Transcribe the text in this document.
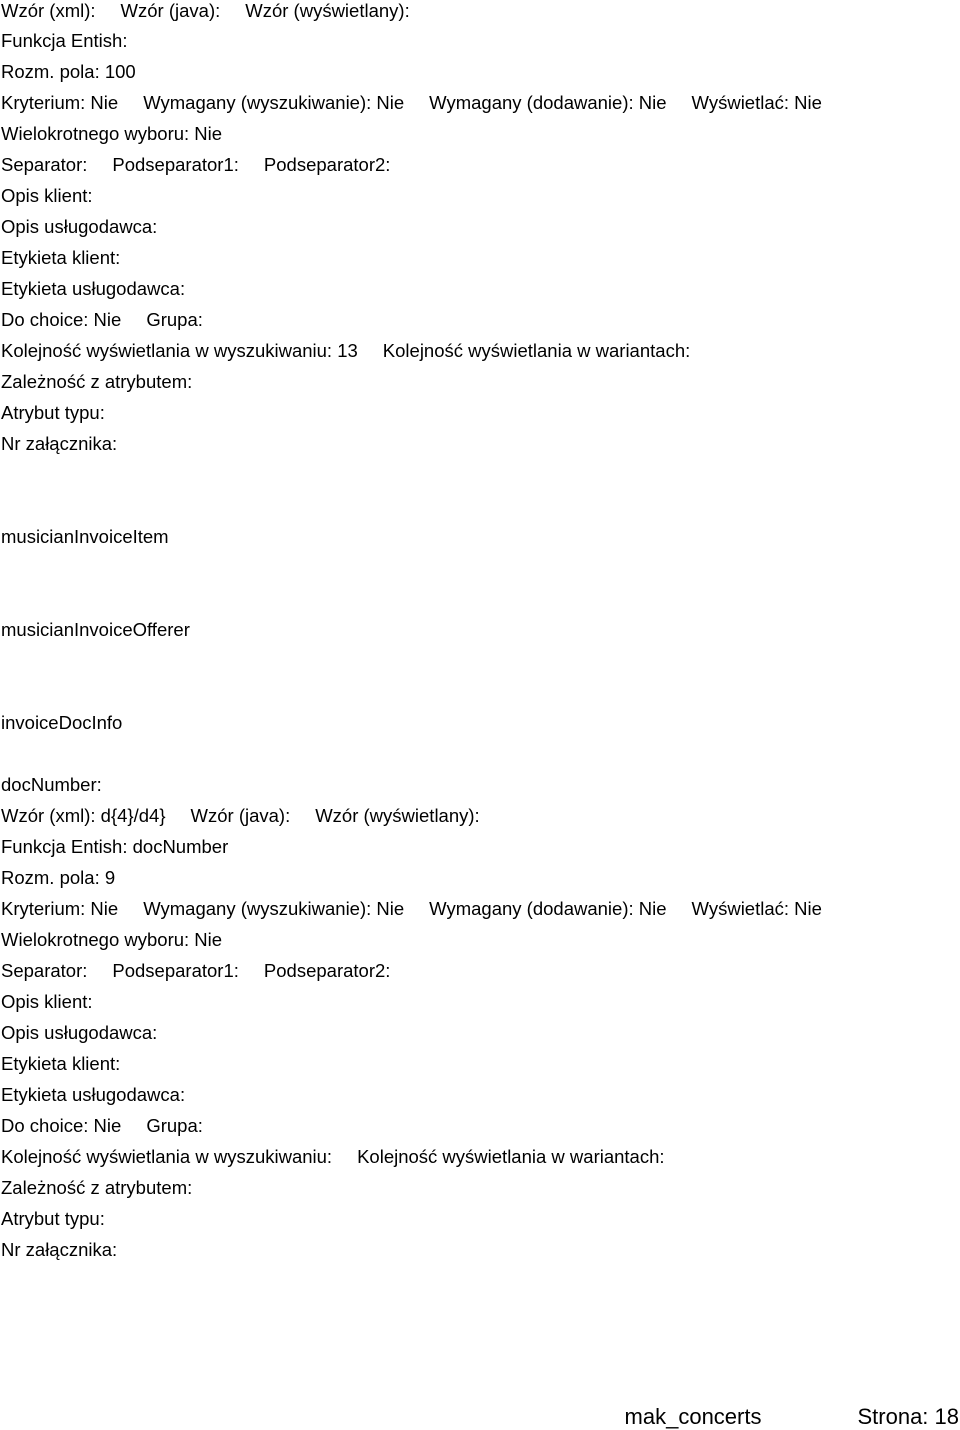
Wzór (xml): Wzór (java): Wzór (wyświetlany):
Funkcja Entish:
Rozm. pola: 100
Kryterium: Nie Wymagany (wyszukiwanie): Nie Wymagany (dodawanie): Nie Wyświetlać: Nie
Wielokrotnego wyboru: Nie
Separator: Podseparator1: Podseparator2:
Opis klient:
Opis usługodawca:
Etykieta klient:
Etykieta usługodawca:
Do choice: Nie Grupa:
Kolejność wyświetlania w wyszukiwaniu: 13 Kolejność wyświetlania w wariantach:
Zależność z atrybutem:
Atrybut typu:
Nr załącznika:
musicianInvoiceItem
musicianInvoiceOfferer
invoiceDocInfo
docNumber:
Wzór (xml): d{4}/d4} Wzór (java): Wzór (wyświetlany):
Funkcja Entish: docNumber
Rozm. pola: 9
Kryterium: Nie Wymagany (wyszukiwanie): Nie Wymagany (dodawanie): Nie Wyświetlać: Nie
Wielokrotnego wyboru: Nie
Separator: Podseparator1: Podseparator2:
Opis klient:
Opis usługodawca:
Etykieta klient:
Etykieta usługodawca:
Do choice: Nie Grupa:
Kolejność wyświetlania w wyszukiwaniu: Kolejność wyświetlania w wariantach:
Zależność z atrybutem:
Atrybut typu:
Nr załącznika:
mak_concerts	Strona: 18
